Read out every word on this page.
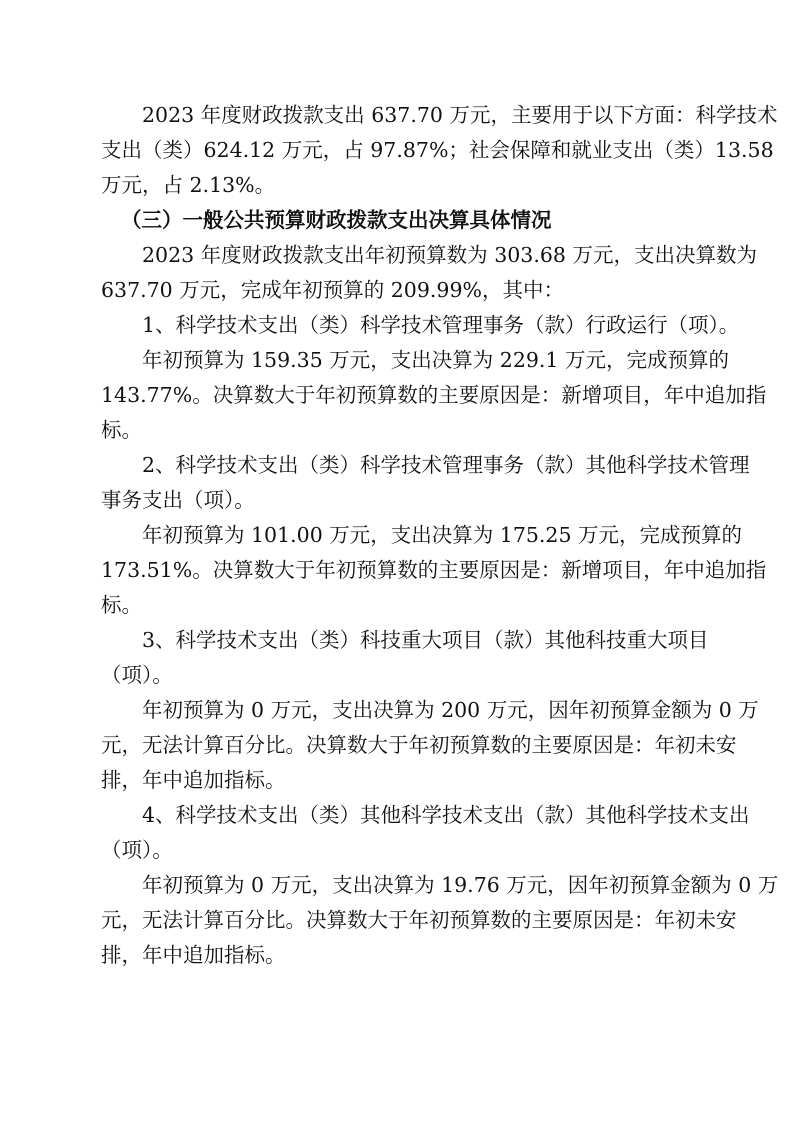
2023 年度财政拨款支出 637.70 万元，主要用于以下方面：科学技术
支出（类）624.12 万元，占 97.87%；社会保障和就业支出（类）13.58
万元，占 2.13%。
（三）一般公共预算财政拨款支出决算具体情况
2023 年度财政拨款支出年初预算数为 303.68 万元，支出决算数为
637.70 万元，完成年初预算的 209.99%，其中：
1、科学技术支出（类）科学技术管理事务（款）行政运行（项）。
年初预算为 159.35 万元，支出决算为 229.1 万元，完成预算的
143.77%。决算数大于年初预算数的主要原因是：新增项目，年中追加指
标。
2、科学技术支出（类）科学技术管理事务（款）其他科学技术管理
事务支出（项）。
年初预算为 101.00 万元，支出决算为 175.25 万元，完成预算的
173.51%。决算数大于年初预算数的主要原因是：新增项目，年中追加指
标。
3、科学技术支出（类）科技重大项目（款）其他科技重大项目
（项）。
年初预算为 0 万元，支出决算为 200 万元，因年初预算金额为 0 万
元，无法计算百分比。决算数大于年初预算数的主要原因是：年初未安
排，年中追加指标。
4、科学技术支出（类）其他科学技术支出（款）其他科学技术支出
（项）。
年初预算为 0 万元，支出决算为 19.76 万元，因年初预算金额为 0 万
元，无法计算百分比。决算数大于年初预算数的主要原因是：年初未安
排，年中追加指标。
